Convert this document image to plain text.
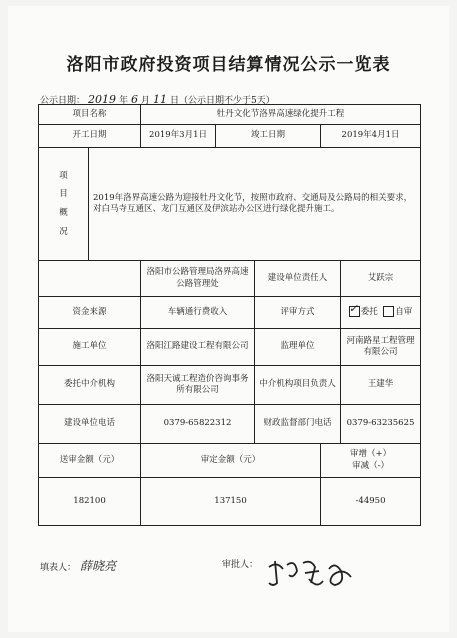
洛阳市政府投资项目结算情况公示一览表
公示日期： 2019 年 6 月 11 日（公示日期不少于5天）
项目名称		牡丹文化节洛界高速绿化提升工程				
开工日期		2019年3月1日	竣工日期		2019年4月1日	

项
目
概
况	2019年洛界高速公路为迎接牡丹文化节，按照市政府、交通局及公路局的相关要求，对白马寺互通区、龙门互通区及伊滨站办公区进行绿化提升施工。					
		洛阳市公路管理局洛界高速公路管理处		建设单位责任人		艾跃宗
资金来源		车辆通行费收入		评审方式	✓委托 自审
施工单位		洛阳江路建设工程有限公司		监理单位		河南路星工程管理有限公司
委托中介机构		洛阳天诚工程造价咨询事务所有限公司		中介机构项目负责人		王建华
建设单位电话		0379-65822312		财政监督部门电话		0379-63235625
送审金额（元）		审定金额（元）			审增（+）
审减（-）	

182100		137150			-44950	
填表人： 薛晓亮	审批人：
